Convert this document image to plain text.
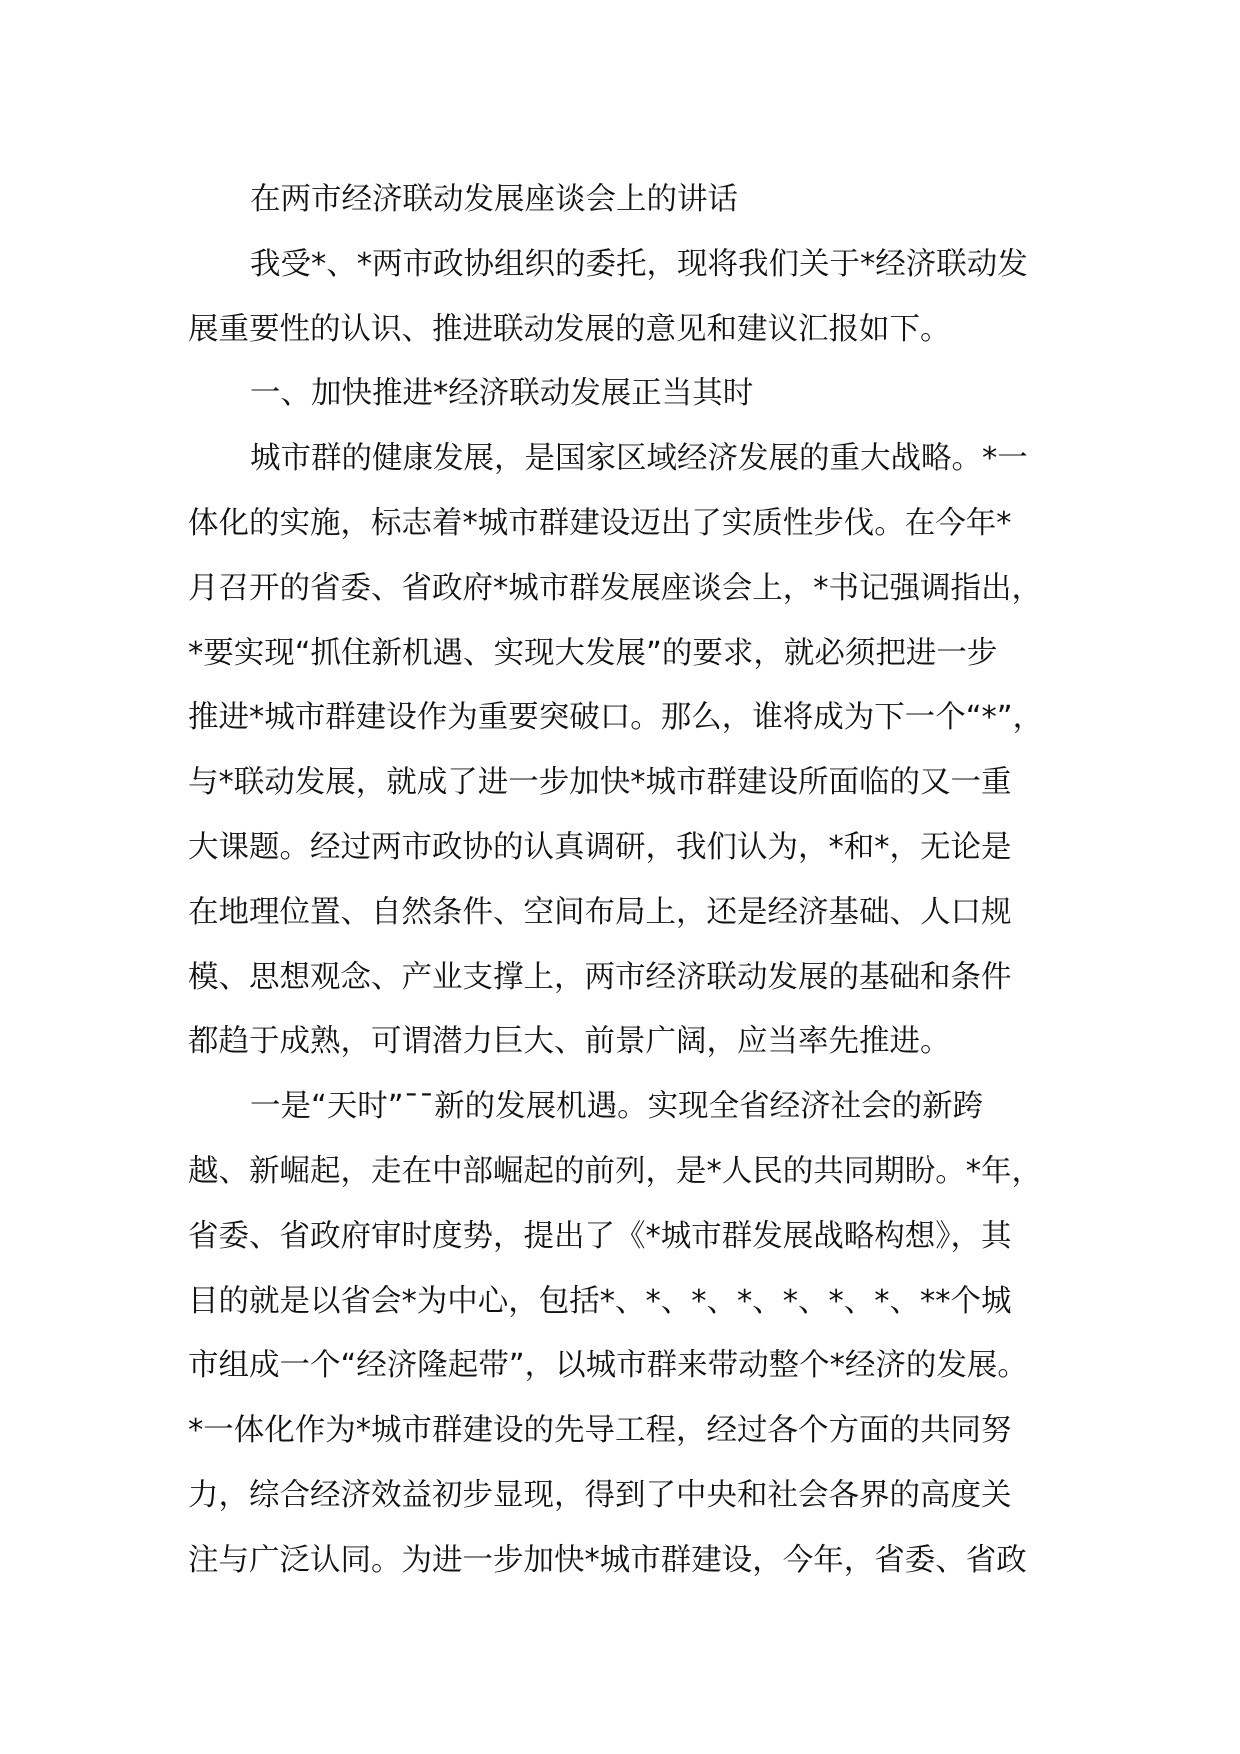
在两市经济联动发展座谈会上的讲话
我受*、*两市政协组织的委托，现将我们关于*经济联动发
展重要性的认识、推进联动发展的意见和建议汇报如下。
一、加快推进*经济联动发展正当其时
城市群的健康发展，是国家区域经济发展的重大战略。*一
体化的实施，标志着*城市群建设迈出了实质性步伐。在今年*
月召开的省委、省政府*城市群发展座谈会上，*书记强调指出，
*要实现“抓住新机遇、实现大发展”的要求，就必须把进一步
推进*城市群建设作为重要突破口。那么，谁将成为下一个“*”，
与*联动发展，就成了进一步加快*城市群建设所面临的又一重
大课题。经过两市政协的认真调研，我们认为，*和*，无论是
在地理位置、自然条件、空间布局上，还是经济基础、人口规
模、思想观念、产业支撑上，两市经济联动发展的基础和条件
都趋于成熟，可谓潜力巨大、前景广阔，应当率先推进。
一是“天时”¯¯新的发展机遇。实现全省经济社会的新跨
越、新崛起，走在中部崛起的前列，是*人民的共同期盼。*年，
省委、省政府审时度势，提出了《*城市群发展战略构想》，其
目的就是以省会*为中心，包括*、*、*、*、*、*、*、**个城
市组成一个“经济隆起带”，以城市群来带动整个*经济的发展。
*一体化作为*城市群建设的先导工程，经过各个方面的共同努
力，综合经济效益初步显现，得到了中央和社会各界的高度关
注与广泛认同。为进一步加快*城市群建设，今年，省委、省政
